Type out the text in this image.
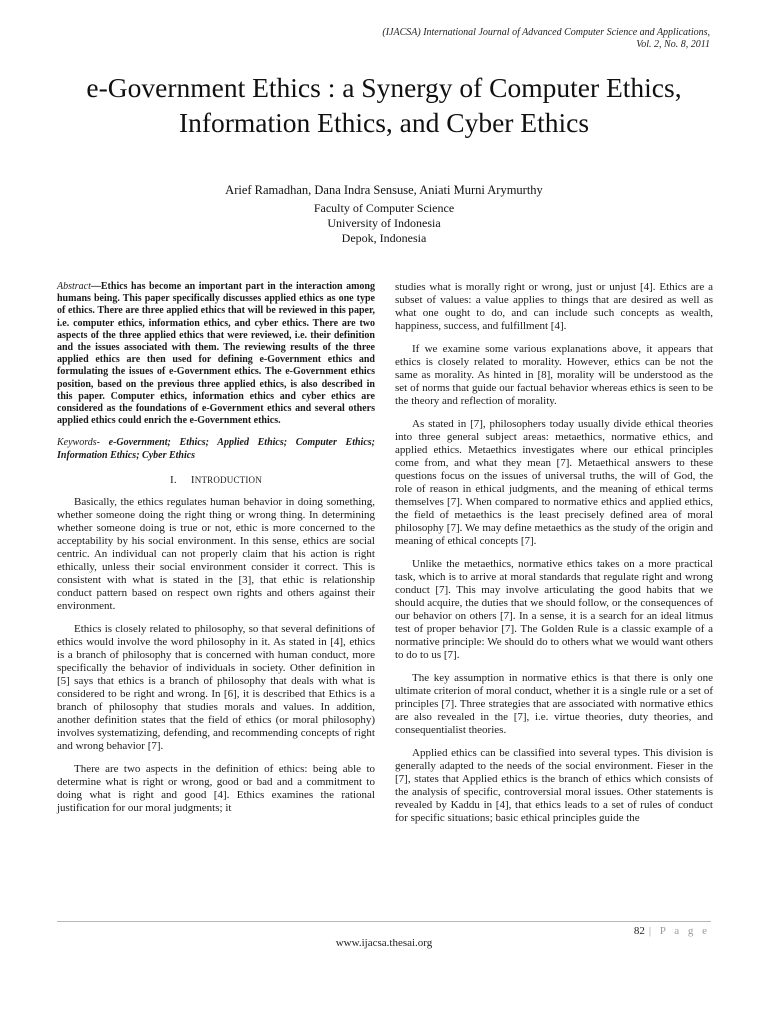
(IJACSA) International Journal of Advanced Computer Science and Applications,
Vol. 2, No. 8, 2011
e-Government Ethics : a Synergy of Computer Ethics,
Information Ethics, and Cyber Ethics
Arief Ramadhan, Dana Indra Sensuse, Aniati Murni Arymurthy
Faculty of Computer Science
University of Indonesia
Depok, Indonesia

Abstract—Ethics has become an important part in the interaction among humans being. This paper specifically discusses applied ethics as one type of ethics. There are three applied ethics that will be reviewed in this paper, i.e. computer ethics, information ethics, and cyber ethics. There are two aspects of the three applied ethics that were reviewed, i.e. their definition and the issues associated with them. The reviewing results of the three applied ethics are then used for defining e-Government ethics and formulating the issues of e-Government ethics. The e-Government ethics position, based on the previous three applied ethics, is also described in this paper. Computer ethics, information ethics and cyber ethics are considered as the foundations of e-Government ethics and several others applied ethics could enrich the e-Government ethics.

Keywords- e-Government; Ethics; Applied Ethics; Computer Ethics; Information Ethics; Cyber Ethics

I. INTRODUCTION

Basically, the ethics regulates human behavior in doing something, whether someone doing the right thing or wrong thing. In determining whether someone doing is true or not, ethic is more concerned to the acceptability by his social environment. In this sense, ethics are social centric. An individual can not properly claim that his action is right ethically, unless their social environment consider it correct. This is consistent with what is stated in the [3], that ethic is relationship conduct pattern based on respect own rights and others against their environment.

Ethics is closely related to philosophy, so that several definitions of ethics would involve the word philosophy in it. As stated in [4], ethics is a branch of philosophy that is concerned with human conduct, more specifically the behavior of individuals in society. Other definition in [5] says that ethics is a branch of philosophy that deals with what is considered to be right and wrong. In [6], it is described that Ethics is a branch of philosophy that studies morals and values. In addition, another definition states that the field of ethics (or moral philosophy) involves systematizing, defending, and recommending concepts of right and wrong behavior [7].

There are two aspects in the definition of ethics: being able to determine what is right or wrong, good or bad and a commitment to doing what is right and good [4]. Ethics examines the rational justification for our moral judgments; it

studies what is morally right or wrong, just or unjust [4]. Ethics are a subset of values: a value applies to things that are desired as well as what one ought to do, and can include such concepts as wealth, happiness, success, and fulfillment [4].

If we examine some various explanations above, it appears that ethics is closely related to morality. However, ethics can be not the same as morality. As hinted in [8], morality will be understood as the set of norms that guide our factual behavior whereas ethics is seen to be the theory and reflection of morality.

As stated in [7], philosophers today usually divide ethical theories into three general subject areas: metaethics, normative ethics, and applied ethics. Metaethics investigates where our ethical principles come from, and what they mean [7]. Metaethical answers to these questions focus on the issues of universal truths, the will of God, the role of reason in ethical judgments, and the meaning of ethical terms themselves [7]. When compared to normative ethics and applied ethics, the field of metaethics is the least precisely defined area of moral philosophy [7]. We may define metaethics as the study of the origin and meaning of ethical concepts [7].

Unlike the metaethics, normative ethics takes on a more practical task, which is to arrive at moral standards that regulate right and wrong conduct [7]. This may involve articulating the good habits that we should acquire, the duties that we should follow, or the consequences of our behavior on others [7]. In a sense, it is a search for an ideal litmus test of proper behavior [7]. The Golden Rule is a classic example of a normative principle: We should do to others what we would want others to do to us [7].

The key assumption in normative ethics is that there is only one ultimate criterion of moral conduct, whether it is a single rule or a set of principles [7]. Three strategies that are associated with normative ethics are also revealed in the [7], i.e. virtue theories, duty theories, and consequentialist theories.

Applied ethics can be classified into several types. This division is generally adapted to the needs of the social environment. Fieser in the [7], states that Applied ethics is the branch of ethics which consists of the analysis of specific, controversial moral issues. Other statements is revealed by Kaddu in [4], that ethics leads to a set of rules of conduct for specific situations; basic ethical principles guide the

82 | P a g e
www.ijacsa.thesai.org
